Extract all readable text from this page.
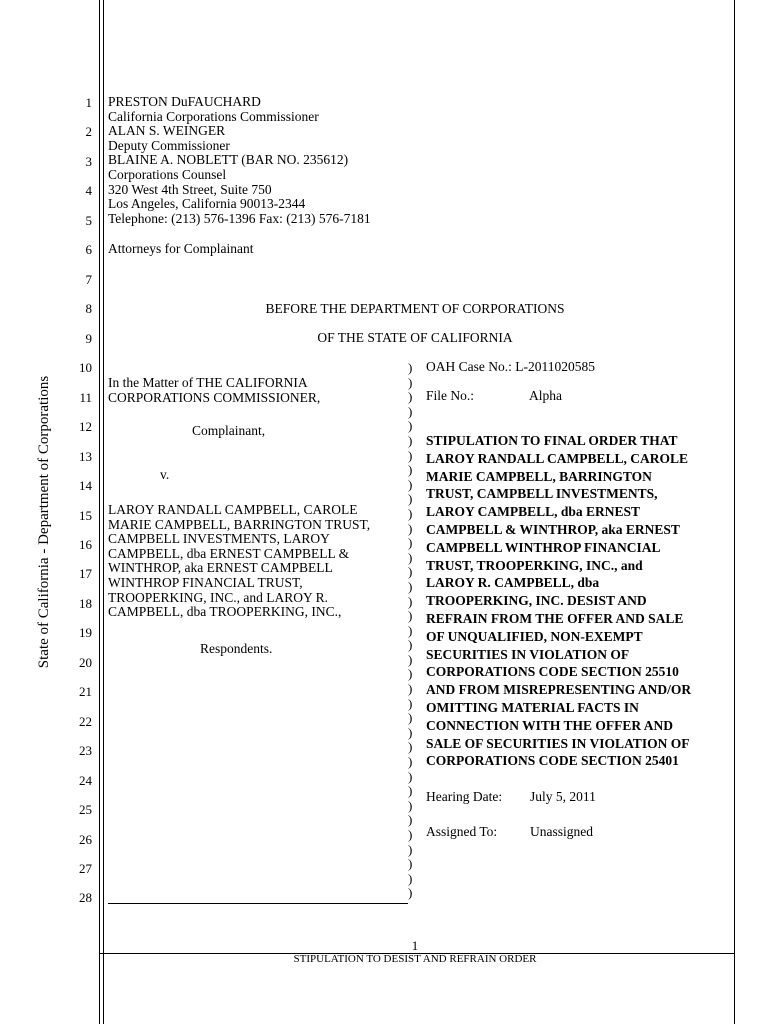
State of California - Department of Corporations
1
2
3
4
5
6
7
8
9
10
11
12
13
14
15
16
17
18
19
20
21
22
23
24
25
26
27
28
PRESTON DuFAUCHARD
California Corporations Commissioner
ALAN S. WEINGER
Deputy Commissioner
BLAINE A. NOBLETT (BAR NO. 235612)
Corporations Counsel
320 West 4th Street, Suite 750
Los Angeles, California 90013-2344
Telephone: (213) 576-1396 Fax: (213) 576-7181
Attorneys for Complainant
BEFORE THE DEPARTMENT OF CORPORATIONS
OF THE STATE OF CALIFORNIA
In the Matter of THE CALIFORNIA
CORPORATIONS COMMISSIONER,
Complainant,
v.
LAROY RANDALL CAMPBELL, CAROLE
MARIE CAMPBELL, BARRINGTON TRUST,
CAMPBELL INVESTMENTS, LAROY
CAMPBELL, dba ERNEST CAMPBELL &
WINTHROP, aka ERNEST CAMPBELL
WINTHROP FINANCIAL TRUST,
TROOPERKING, INC., and LAROY R.
CAMPBELL, dba TROOPERKING, INC.,
Respondents.
)
)
)
)
)
)
)
)
)
)
)
)
)
)
)
)
)
)
)
)
)
)
)
)
)
)
)
)
)
)
)
)
)
)
)
)
)
OAH Case No.: L-2011020585
File No.:	Alpha
STIPULATION TO FINAL ORDER THAT
LAROY RANDALL CAMPBELL, CAROLE
MARIE CAMPBELL, BARRINGTON
TRUST, CAMPBELL INVESTMENTS,
LAROY CAMPBELL, dba ERNEST
CAMPBELL & WINTHROP, aka ERNEST
CAMPBELL WINTHROP FINANCIAL
TRUST, TROOPERKING, INC., and
LAROY R. CAMPBELL, dba
TROOPERKING, INC. DESIST AND
REFRAIN FROM THE OFFER AND SALE
OF UNQUALIFIED, NON-EXEMPT
SECURITIES IN VIOLATION OF
CORPORATIONS CODE SECTION 25510
AND FROM MISREPRESENTING AND/OR
OMITTING MATERIAL FACTS IN
CONNECTION WITH THE OFFER AND
SALE OF SECURITIES IN VIOLATION OF
CORPORATIONS CODE SECTION 25401
Hearing Date: July 5, 2011
Assigned To: Unassigned
1
STIPULATION TO DESIST AND REFRAIN ORDER
